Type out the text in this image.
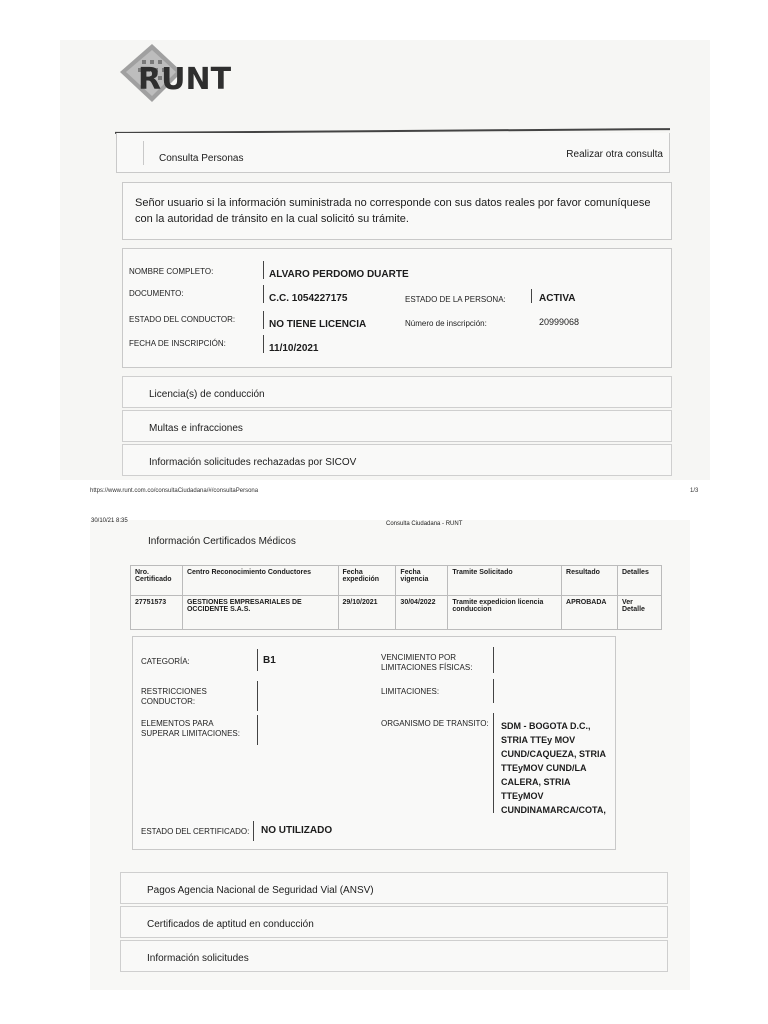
RUNT
Consulta Personas	Realizar otra consulta

Señor usuario si la información suministrada no corresponde con sus datos reales por favor comuníquese con la autoridad de tránsito en la cual solicitó su trámite.

NOMBRE COMPLETO:	ALVARO PERDOMO DUARTE
DOCUMENTO:	C.C. 1054227175	ESTADO DE LA PERSONA:	ACTIVA
ESTADO DEL CONDUCTOR:	NO TIENE LICENCIA	Número de inscripción:	20999068
FECHA DE INSCRIPCIÓN:	11/10/2021
Licencia(s) de conducción
Multas e infracciones
Información solicitudes rechazadas por SICOV
https://www.runt.com.co/consultaCiudadana/#/consultaPersona	1/3
30/10/21 8:35	Consulta Ciudadana - RUNT
Información Certificados Médicos
Nro. Certificado	Centro Reconocimiento Conductores	Fecha expedición	Fecha vigencia	Tramite Solicitado	Resultado	Detalles
27751573	GESTIONES EMPRESARIALES DE OCCIDENTE S.A.S.	29/10/2021	30/04/2022	Tramite expedicion licencia conduccion	APROBADA	Ver Detalle
CATEGORÍA:	B1	VENCIMIENTO POR LIMITACIONES FÍSICAS:
RESTRICCIONES CONDUCTOR:
LIMITACIONES:
ELEMENTOS PARA SUPERAR LIMITACIONES:
ORGANISMO DE TRANSITO: SDM - BOGOTA D.C.,
STRIA TTEy MOV
CUND/CAQUEZA, STRIA
TTEyMOV CUND/LA
CALERA, STRIA
TTEyMOV
CUNDINAMARCA/COTA,
ESTADO DEL CERTIFICADO: NO UTILIZADO
Pagos Agencia Nacional de Seguridad Vial (ANSV)
Certificados de aptitud en conducción
Información solicitudes
